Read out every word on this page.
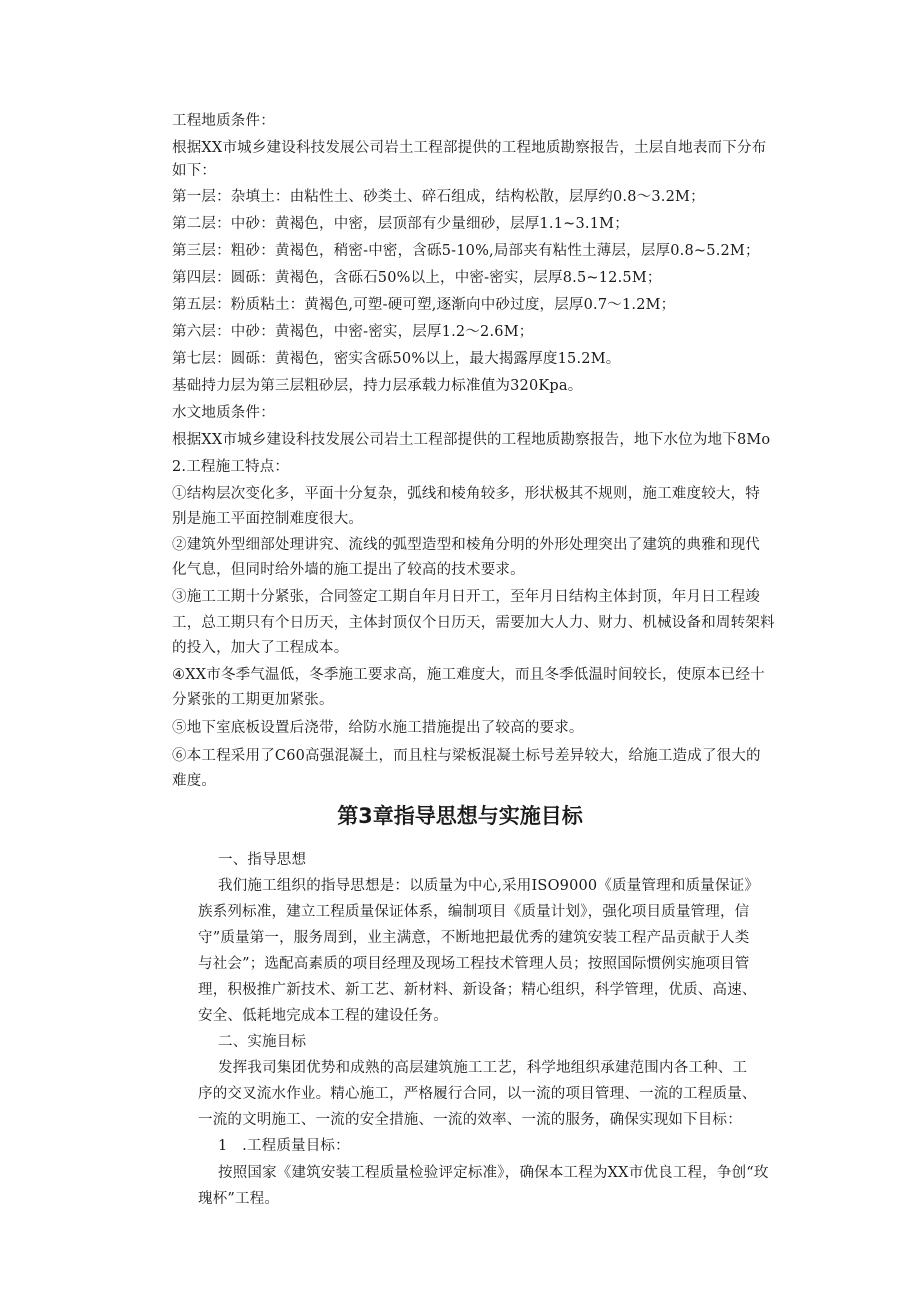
工程地质条件：

根据XX市城乡建设科技发展公司岩土工程部提供的工程地质勘察报告，土层自地表而下分布

如下：

第一层：杂填土：由粘性土、砂类土、碎石组成，结构松散，层厚约0.8～3.2M；

第二层：中砂：黄褐色，中密，层顶部有少量细砂，层厚1.1~3.1M；

第三层：粗砂：黄褐色，稍密-中密，含砾5-10%,局部夹有粘性土薄层，层厚0.8~5.2M；

第四层：圆砾：黄褐色，含砾石50%以上，中密-密实，层厚8.5~12.5M；

第五层：粉质粘土：黄褐色,可塑-硬可塑,逐渐向中砂过度，层厚0.7～1.2M；

第六层：中砂：黄褐色，中密-密实，层厚1.2～2.6M；

第七层：圆砾：黄褐色，密实含砾50%以上，最大揭露厚度15.2M。

基础持力层为第三层粗砂层，持力层承载力标准值为320Kpa。

水文地质条件：

根据XX市城乡建设科技发展公司岩土工程部提供的工程地质勘察报告，地下水位为地下8Mo

2.工程施工特点：

①结构层次变化多，平面十分复杂，弧线和棱角较多，形状极其不规则，施工难度较大，特

别是施工平面控制难度很大。

②建筑外型细部处理讲究、流线的弧型造型和棱角分明的外形处理突出了建筑的典雅和现代

化气息，但同时给外墙的施工提出了较高的技术要求。

③施工工期十分紧张，合同签定工期自年月日开工，至年月日结构主体封顶，年月日工程竣

工，总工期只有个日历天，主体封顶仅个日历天，需要加大人力、财力、机械设备和周转架料

的投入，加大了工程成本。

④XX市冬季气温低，冬季施工要求高，施工难度大，而且冬季低温时间较长，使原本已经十

分紧张的工期更加紧张。

⑤地下室底板设置后浇带，给防水施工措施提出了较高的要求。

⑥本工程采用了C60高强混凝土，而且柱与梁板混凝土标号差异较大，给施工造成了很大的

难度。

第3章指导思想与实施目标

一、指导思想

我们施工组织的指导思想是：以质量为中心,采用ISO9000《质量管理和质量保证》

族系列标准，建立工程质量保证体系，编制项目《质量计划》，强化项目质量管理，信

守”质量第一，服务周到，业主满意，不断地把最优秀的建筑安装工程产品贡献于人类

与社会”；选配高素质的项目经理及现场工程技术管理人员；按照国际惯例实施项目管

理，积极推广新技术、新工艺、新材料、新设备；精心组织，科学管理，优质、高速、

安全、低耗地完成本工程的建设任务。

二、实施目标

发挥我司集团优势和成熟的高层建筑施工工艺，科学地组织承建范围内各工种、工

序的交叉流水作业。精心施工，严格履行合同，以一流的项目管理、一流的工程质量、

一流的文明施工、一流的安全措施、一流的效率、一流的服务，确保实现如下目标：

1　.工程质量目标：

按照国家《建筑安装工程质量检验评定标准》，确保本工程为XX市优良工程，争创“玫

瑰杯”工程。
